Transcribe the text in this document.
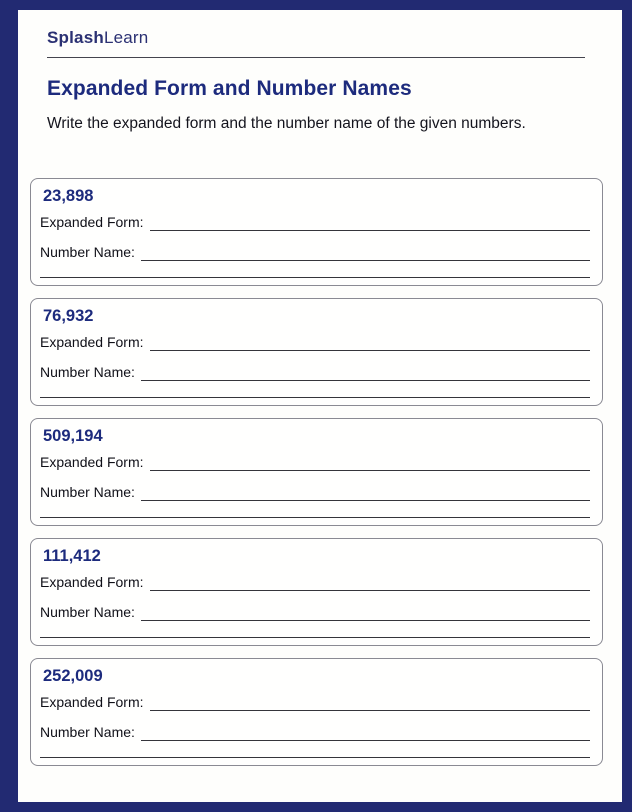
SplashLearn
Expanded Form and Number Names
Write the expanded form and the number name of the given numbers.
23,898
Expanded Form:
Number Name:
76,932
Expanded Form:
Number Name:
509,194
Expanded Form:
Number Name:
111,412
Expanded Form:
Number Name:
252,009
Expanded Form:
Number Name:
